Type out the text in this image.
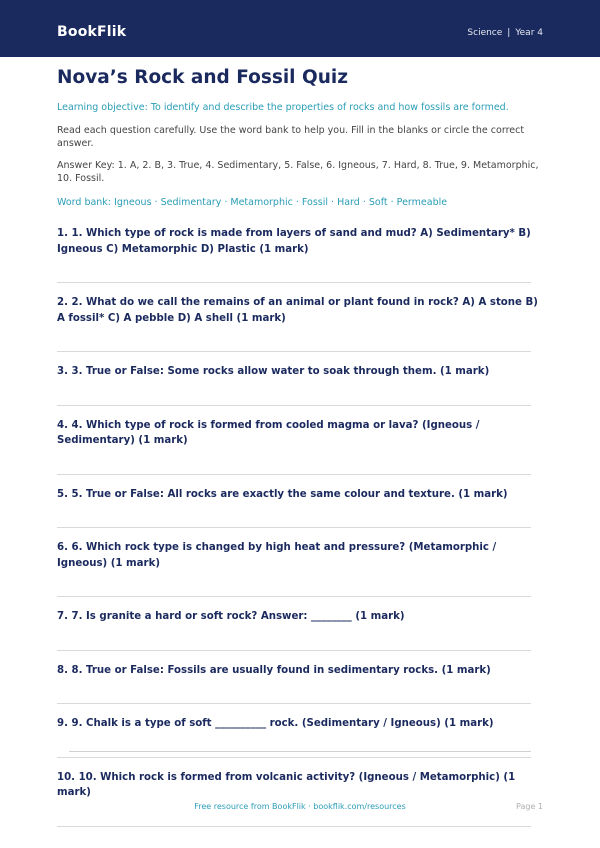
BookFlik	Science | Year 4
Nova’s Rock and Fossil Quiz
Learning objective: To identify and describe the properties of rocks and how fossils are formed.
Read each question carefully. Use the word bank to help you. Fill in the blanks or circle the correct answer.
Answer Key: 1. A, 2. B, 3. True, 4. Sedimentary, 5. False, 6. Igneous, 7. Hard, 8. True, 9. Metamorphic, 10. Fossil.
Word bank: Igneous · Sedimentary · Metamorphic · Fossil · Hard · Soft · Permeable
1. 1. Which type of rock is made from layers of sand and mud? A) Sedimentary* B) Igneous C) Metamorphic D) Plastic (1 mark)
2. 2. What do we call the remains of an animal or plant found in rock? A) A stone B) A fossil* C) A pebble D) A shell (1 mark)
3. 3. True or False: Some rocks allow water to soak through them. (1 mark)
4. 4. Which type of rock is formed from cooled magma or lava? (Igneous / Sedimentary) (1 mark)
5. 5. True or False: All rocks are exactly the same colour and texture. (1 mark)
6. 6. Which rock type is changed by high heat and pressure? (Metamorphic / Igneous) (1 mark)
7. 7. Is granite a hard or soft rock? Answer: ________ (1 mark)
8. 8. True or False: Fossils are usually found in sedimentary rocks. (1 mark)
9. 9. Chalk is a type of soft __________ rock. (Sedimentary / Igneous) (1 mark)
10. 10. Which rock is formed from volcanic activity? (Igneous / Metamorphic) (1 mark)
Free resource from BookFlik · bookflik.com/resources	Page 1
